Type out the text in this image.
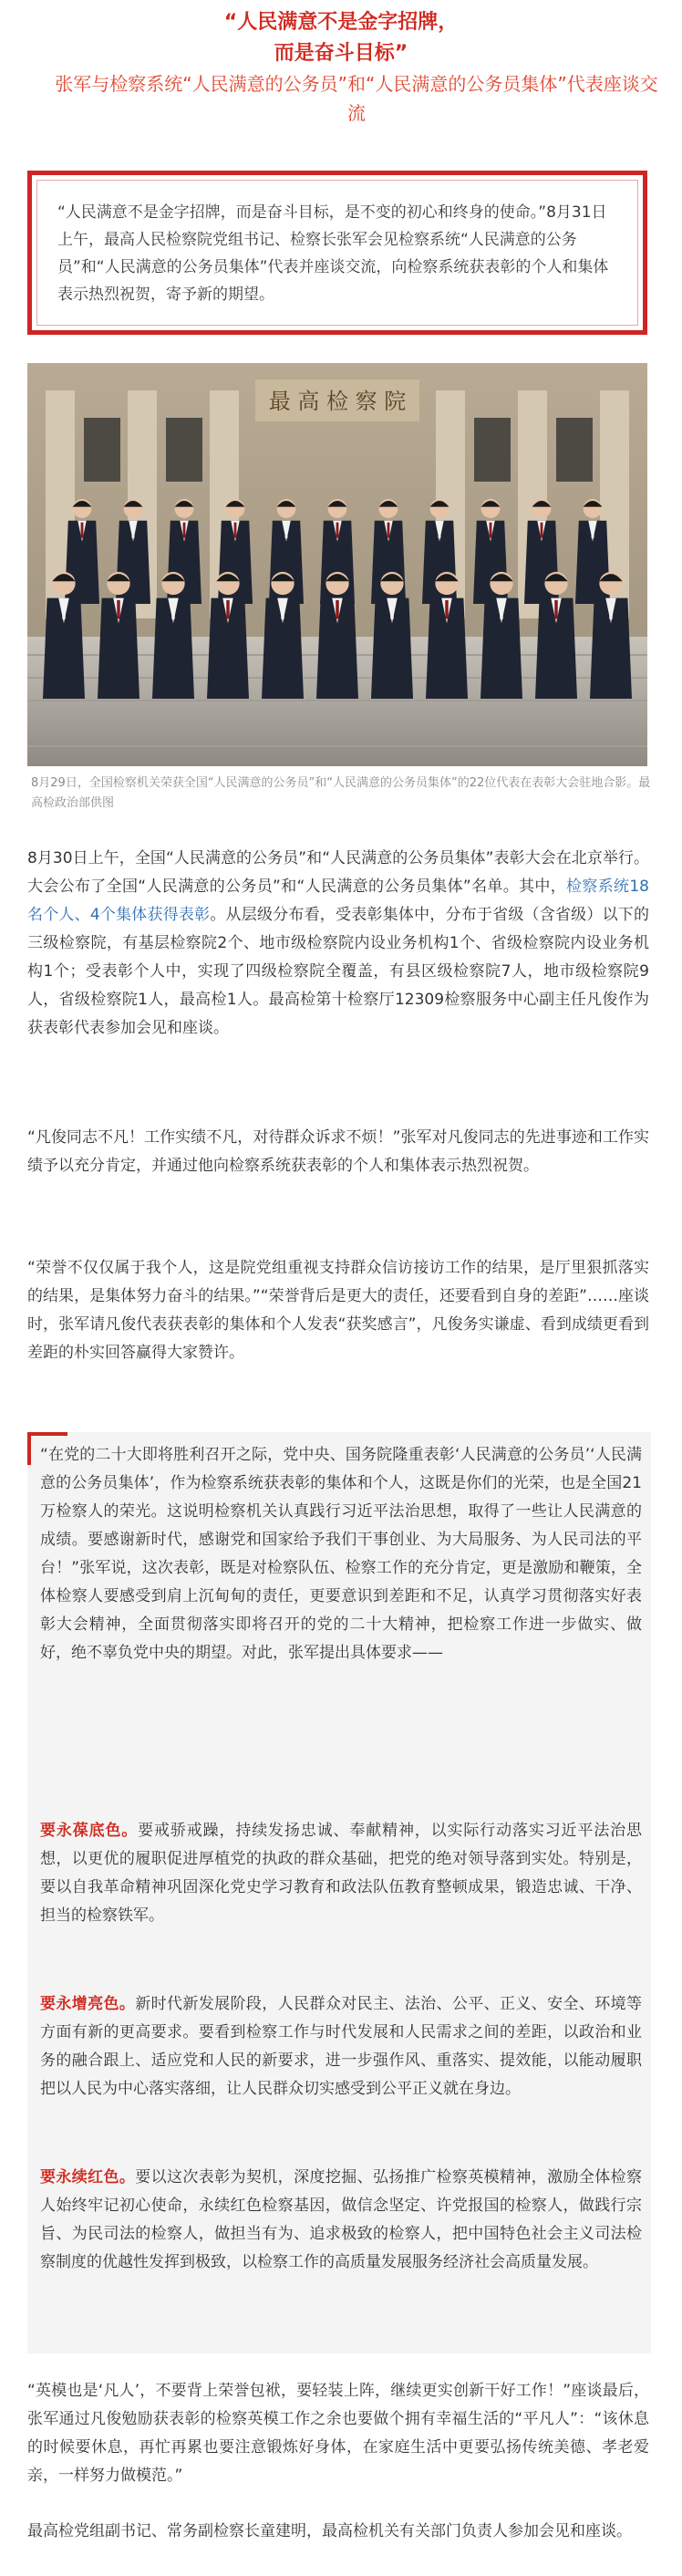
“人民满意不是金字招牌，

而是奋斗目标”

张军与检察系统“人民满意的公务员”和“人民满意的公务员集体”代表座谈交流

“人民满意不是金字招牌，而是奋斗目标，是不变的初心和终身的使命。”8月31日上午，最高人民检察院党组书记、检察长张军会见检察系统“人民满意的公务员”和“人民满意的公务员集体”代表并座谈交流，向检察系统获表彰的个人和集体表示热烈祝贺，寄予新的期望。
最 高 检 察 院
8月29日，全国检察机关荣获全国“人民满意的公务员”和“人民满意的公务员集体”的22位代表在表彰大会驻地合影。最高检政治部供图
8月30日上午，全国“人民满意的公务员”和“人民满意的公务员集体”表彰大会在北京举行。大会公布了全国“人民满意的公务员”和“人民满意的公务员集体”名单。其中，检察系统18名个人、4个集体获得表彰。从层级分布看，受表彰集体中，分布于省级（含省级）以下的三级检察院，有基层检察院2个、地市级检察院内设业务机构1个、省级检察院内设业务机构1个；受表彰个人中，实现了四级检察院全覆盖，有县区级检察院7人，地市级检察院9人，省级检察院1人，最高检1人。最高检第十检察厅12309检察服务中心副主任凡俊作为获表彰代表参加会见和座谈。
“凡俊同志不凡！工作实绩不凡，对待群众诉求不烦！”张军对凡俊同志的先进事迹和工作实绩予以充分肯定，并通过他向检察系统获表彰的个人和集体表示热烈祝贺。
“荣誉不仅仅属于我个人，这是院党组重视支持群众信访接访工作的结果，是厅里狠抓落实的结果，是集体努力奋斗的结果。”“荣誉背后是更大的责任，还要看到自身的差距”……座谈时，张军请凡俊代表获表彰的集体和个人发表“获奖感言”，凡俊务实谦虚、看到成绩更看到差距的朴实回答赢得大家赞许。
“在党的二十大即将胜利召开之际，党中央、国务院隆重表彰‘人民满意的公务员’‘人民满意的公务员集体’，作为检察系统获表彰的集体和个人，这既是你们的光荣，也是全国21万检察人的荣光。这说明检察机关认真践行习近平法治思想，取得了一些让人民满意的成绩。要感谢新时代，感谢党和国家给予我们干事创业、为大局服务、为人民司法的平台！”张军说，这次表彰，既是对检察队伍、检察工作的充分肯定，更是激励和鞭策，全体检察人要感受到肩上沉甸甸的责任，更要意识到差距和不足，认真学习贯彻落实好表彰大会精神，全面贯彻落实即将召开的党的二十大精神，把检察工作进一步做实、做好，绝不辜负党中央的期望。对此，张军提出具体要求——
要永葆底色。要戒骄戒躁，持续发扬忠诚、奉献精神，以实际行动落实习近平法治思想，以更优的履职促进厚植党的执政的群众基础，把党的绝对领导落到实处。特别是，要以自我革命精神巩固深化党史学习教育和政法队伍教育整顿成果，锻造忠诚、干净、担当的检察铁军。
要永增亮色。新时代新发展阶段，人民群众对民主、法治、公平、正义、安全、环境等方面有新的更高要求。要看到检察工作与时代发展和人民需求之间的差距，以政治和业务的融合跟上、适应党和人民的新要求，进一步强作风、重落实、提效能，以能动履职把以人民为中心落实落细，让人民群众切实感受到公平正义就在身边。
要永续红色。要以这次表彰为契机，深度挖掘、弘扬推广检察英模精神，激励全体检察人始终牢记初心使命，永续红色检察基因，做信念坚定、许党报国的检察人，做践行宗旨、为民司法的检察人，做担当有为、追求极致的检察人，把中国特色社会主义司法检察制度的优越性发挥到极致，以检察工作的高质量发展服务经济社会高质量发展。
“英模也是‘凡人’，不要背上荣誉包袱，要轻装上阵，继续更实创新干好工作！”座谈最后，张军通过凡俊勉励获表彰的检察英模工作之余也要做个拥有幸福生活的“平凡人”：“该休息的时候要休息，再忙再累也要注意锻炼好身体，在家庭生活中更要弘扬传统美德、孝老爱亲，一样努力做模范。”
最高检党组副书记、常务副检察长童建明，最高检机关有关部门负责人参加会见和座谈。
